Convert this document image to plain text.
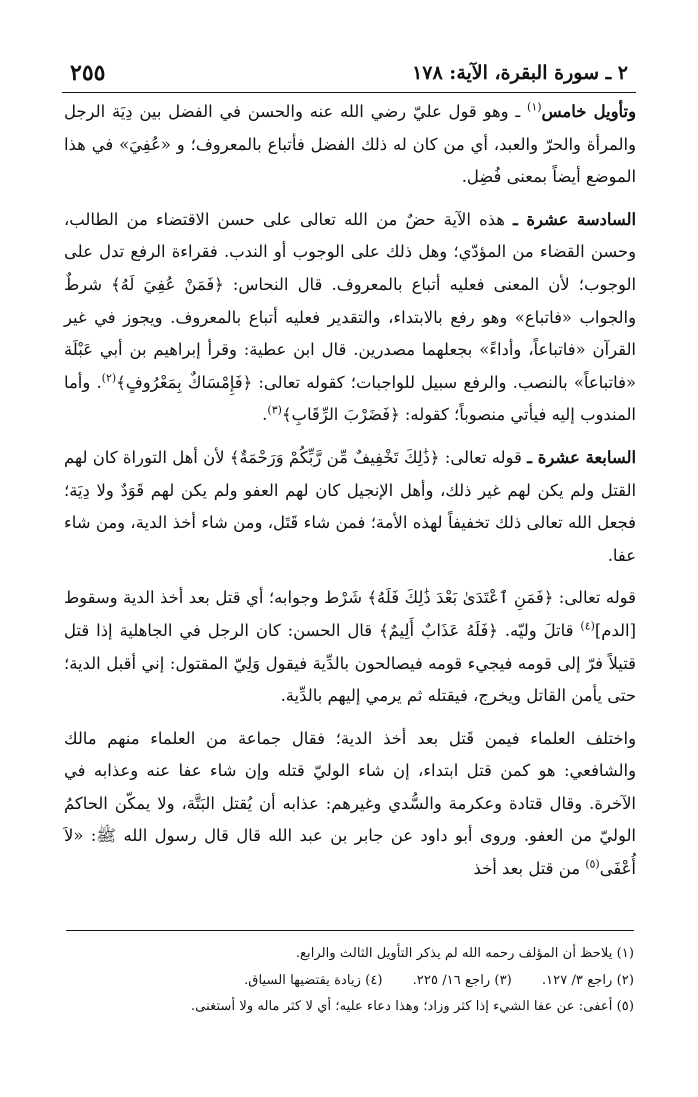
٢ ـ سورة البقرة، الآية: ١٧٨
٢٥٥

وتأويل خامس$^{(١)}$ ـ وهو قول عليّ رضي الله عنه والحسن في الفضل بين دِيَة الرجل والمرأة والحرّ والعبد، أي من كان له ذلك الفضل فأتباع بالمعروف؛ و «عُفِيَ» في هذا الموضع أيضاً بمعنى فُضِل.

السادسة عشرة ـ هذه الآية حضٌ من الله تعالى على حسن الاقتضاء من الطالب، وحسن القضاء من المؤدّي؛ وهل ذلك على الوجوب أو الندب. فقراءة الرفع تدل على الوجوب؛ لأن المعنى فعليه أتباع بالمعروف. قال النحاس: ﴿فَمَنْ عُفِيَ لَهُ﴾ شرطٌ والجواب «فاتباع» وهو رفع بالابتداء، والتقدير فعليه أتباع بالمعروف. ويجوز في غير القرآن «فاتباعاً، وأداءً» بجعلهما مصدرين. قال ابن عطية: وقرأ إبراهيم بن أبي عَبْلَة «فاتباعاً» بالنصب. والرفع سبيل للواجبات؛ كقوله تعالى: ﴿فَإِمْسَاكٌ بِمَعْرُوفٍ﴾$^{(٢)}$. وأما المندوب إليه فيأتي منصوباً؛ كقوله: ﴿فَضَرْبَ الرِّقَابِ﴾$^{(٣)}$.

السابعة عشرة ـ قوله تعالى: ﴿ذَٰلِكَ تَخْفِيفٌ مِّن رَّبِّكُمْ وَرَحْمَةٌ﴾ لأن أهل التوراة كان لهم القتل ولم يكن لهم غير ذلك، وأهل الإنجيل كان لهم العفو ولم يكن لهم قَوَدٌ ولا دِيَة؛ فجعل الله تعالى ذلك تخفيفاً لهذه الأمة؛ فمن شاء قَتَل، ومن شاء أخذ الدية، ومن شاء عفا.

قوله تعالى: ﴿فَمَنِ ٱعْتَدَىٰ بَعْدَ ذَٰلِكَ فَلَهُ﴾ شَرْط وجوابه؛ أي قتل بعد أخذ الدية وسقوط [الدم]$^{(٤)}$ قاتلَ وليّه. ﴿فَلَهُ عَذَابٌ أَلِيمٌ﴾ قال الحسن: كان الرجل في الجاهلية إذا قتل قتيلاً فرّ إلى قومه فيجيء قومه فيصالحون بالدِّية فيقول وَلِيّ المقتول: إني أقبل الدية؛ حتى يأمن القاتل ويخرج، فيقتله ثم يرمي إليهم بالدِّية.

واختلف العلماء فيمن قَتل بعد أخذ الدية؛ فقال جماعة من العلماء منهم مالك والشافعي: هو كمن قتل ابتداء، إن شاء الوليّ قتله وإن شاء عفا عنه وعذابه في الآخرة. وقال قتادة وعكرمة والسُّدي وغيرهم: عذابه أن يُقتل البَتَّة، ولا يمكّن الحاكمُ الوليّ من العفو. وروى أبو داود عن جابر بن عبد الله قال قال رسول الله ﷺ: «لاَ أُعْفَى$^{(٥)}$ من قتل بعد أخذ

(١) يلاحظ أن المؤلف رحمه الله لم يذكر التأويل الثالث والرابع.
(٢) راجع ٣/ ١٢٧.(٣) راجع ١٦/ ٢٢٥.(٤) زيادة يقتضيها السياق.
(٥) أعفى: عن عفا الشيء إذا كثر وزاد؛ وهذا دعاء عليه؛ أي لا كثر ماله ولا أستغنى.
